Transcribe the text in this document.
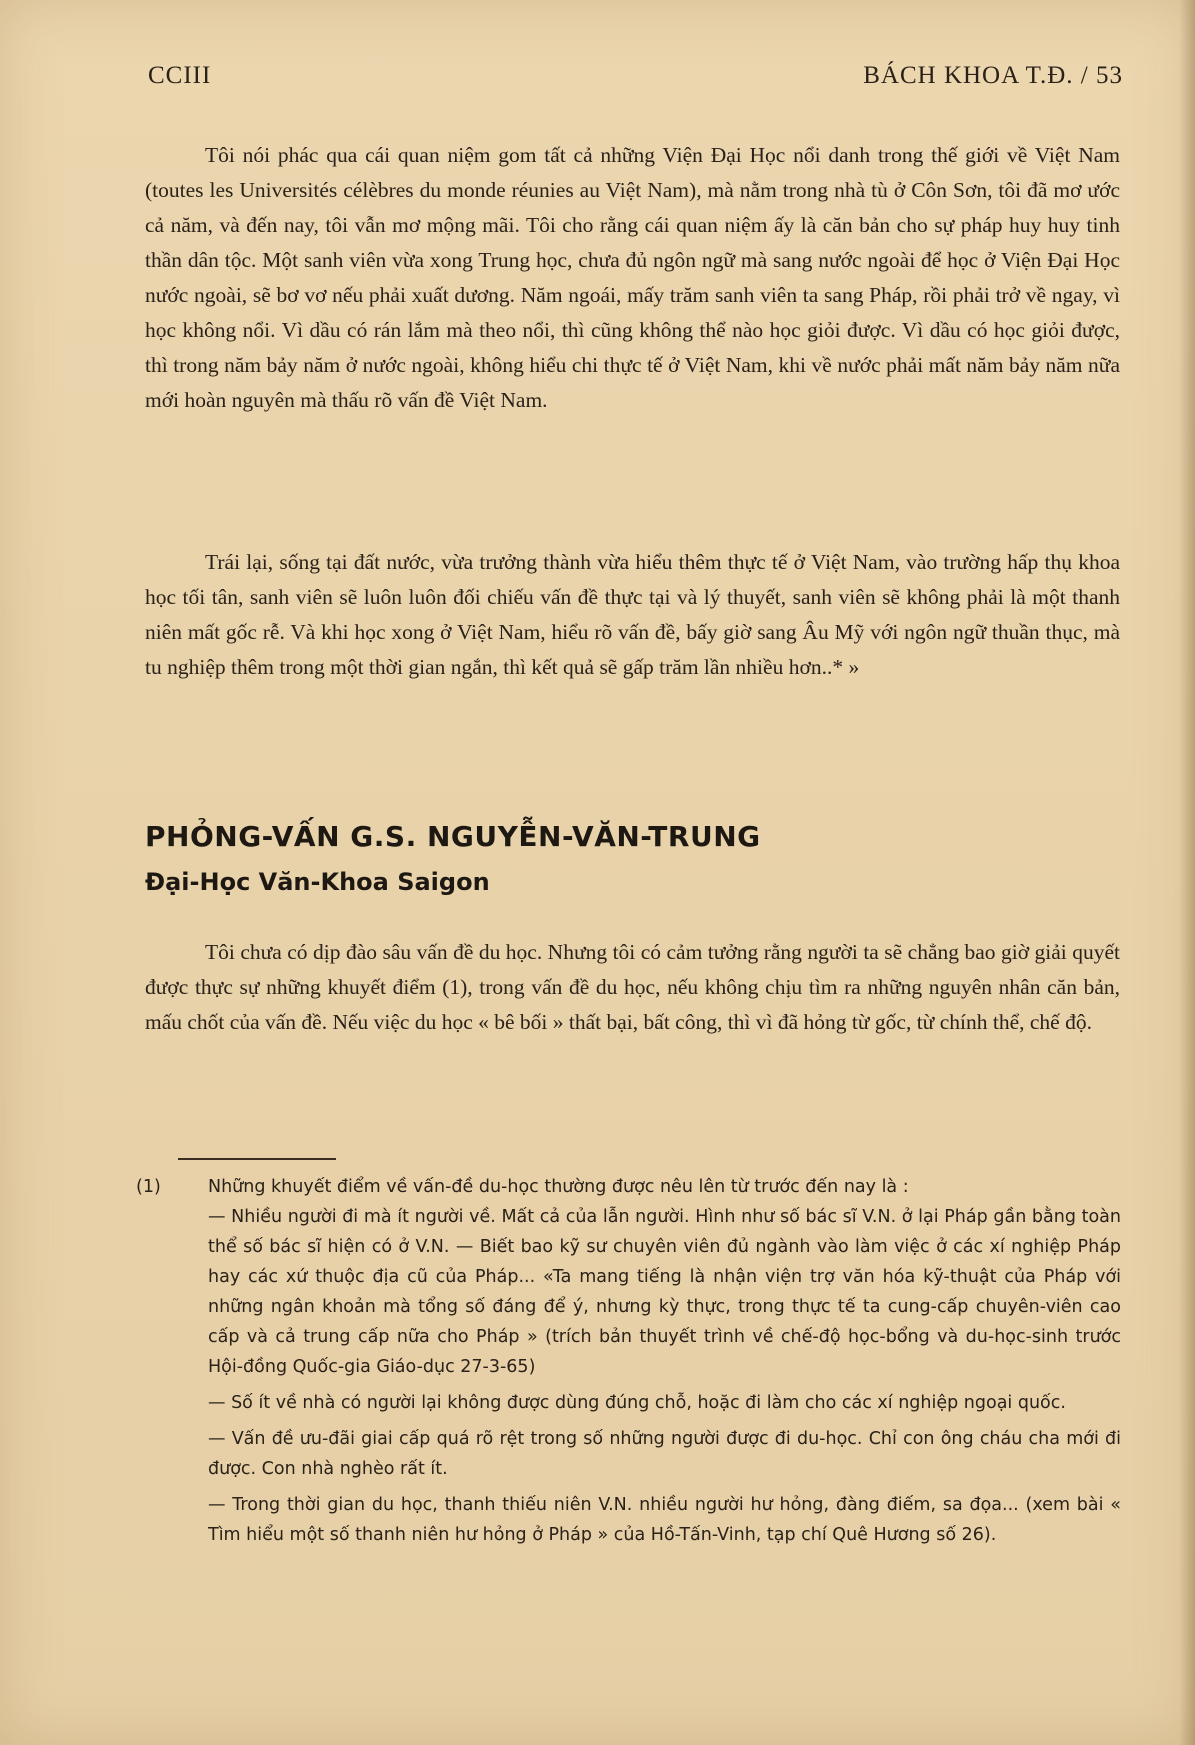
CCIII	BÁCH KHOA T.Đ. / 53

Tôi nói phác qua cái quan niệm gom tất cả những Viện Đại Học nổi danh trong thế giới về Việt Nam (toutes les Universités célèbres du monde réunies au Việt Nam), mà nằm trong nhà tù ở Côn Sơn, tôi đã mơ ước cả năm, và đến nay, tôi vẫn mơ mộng mãi. Tôi cho rằng cái quan niệm ấy là căn bản cho sự pháp huy huy tinh thần dân tộc. Một sanh viên vừa xong Trung học, chưa đủ ngôn ngữ mà sang nước ngoài để học ở Viện Đại Học nước ngoài, sẽ bơ vơ nếu phải xuất dương. Năm ngoái, mấy trăm sanh viên ta sang Pháp, rồi phải trở về ngay, vì học không nổi. Vì dầu có rán lắm mà theo nổi, thì cũng không thể nào học giỏi được. Vì dầu có học giỏi được, thì trong năm bảy năm ở nước ngoài, không hiểu chi thực tế ở Việt Nam, khi về nước phải mất năm bảy năm nữa mới hoàn nguyên mà thấu rõ vấn đề Việt Nam.

Trái lại, sống tại đất nước, vừa trưởng thành vừa hiểu thêm thực tế ở Việt Nam, vào trường hấp thụ khoa học tối tân, sanh viên sẽ luôn luôn đối chiếu vấn đề thực tại và lý thuyết, sanh viên sẽ không phải là một thanh niên mất gốc rễ. Và khi học xong ở Việt Nam, hiểu rõ vấn đề, bấy giờ sang Âu Mỹ với ngôn ngữ thuần thục, mà tu nghiệp thêm trong một thời gian ngắn, thì kết quả sẽ gấp trăm lần nhiều hơn..* »

PHỎNG-VẤN G.S. NGUYỄN-VĂN-TRUNG
Đại-Học Văn-Khoa Saigon

Tôi chưa có dịp đào sâu vấn đề du học. Nhưng tôi có cảm tưởng rằng người ta sẽ chẳng bao giờ giải quyết được thực sự những khuyết điểm (1), trong vấn đề du học, nếu không chịu tìm ra những nguyên nhân căn bản, mấu chốt của vấn đề. Nếu việc du học « bê bối » thất bại, bất công, thì vì đã hỏng từ gốc, từ chính thể, chế độ.

(1)	Những khuyết điểm về vấn-đề du-học thường được nêu lên từ trước đến nay là :

— Nhiều người đi mà ít người về. Mất cả của lẫn người. Hình như số bác sĩ V.N. ở lại Pháp gần bằng toàn thể số bác sĩ hiện có ở V.N. — Biết bao kỹ sư chuyên viên đủ ngành vào làm việc ở các xí nghiệp Pháp hay các xứ thuộc địa cũ của Pháp... «Ta mang tiếng là nhận viện trợ văn hóa kỹ-thuật của Pháp với những ngân khoản mà tổng số đáng để ý, nhưng kỳ thực, trong thực tế ta cung-cấp chuyên-viên cao cấp và cả trung cấp nữa cho Pháp » (trích bản thuyết trình về chế-độ học-bổng và du-học-sinh trước Hội-đồng Quốc-gia Giáo-dục 27-3-65)

— Số ít về nhà có người lại không được dùng đúng chỗ, hoặc đi làm cho các xí nghiệp ngoại quốc.

— Vấn đề ưu-đãi giai cấp quá rõ rệt trong số những người được đi du-học. Chỉ con ông cháu cha mới đi được. Con nhà nghèo rất ít.

— Trong thời gian du học, thanh thiếu niên V.N. nhiều người hư hỏng, đàng điếm, sa đọa... (xem bài « Tìm hiểu một số thanh niên hư hỏng ở Pháp » của Hồ-Tấn-Vinh, tạp chí Quê Hương số 26).
